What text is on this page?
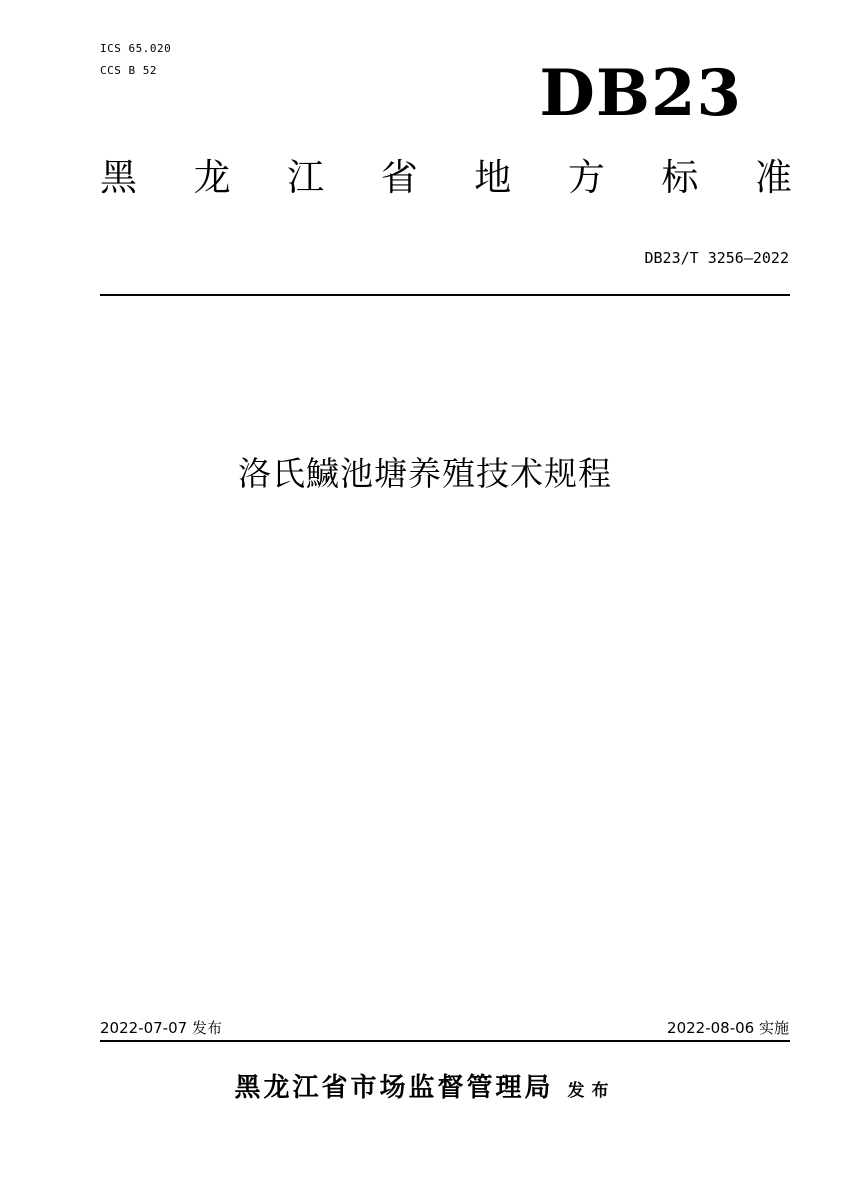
ICS 65.020
CCS B 52	DB23
黑 龙 江 省 地 方 标 准
DB23/T 3256—2022
洛氏鱥池塘养殖技术规程
2022-07-07 发布	2022-08-06 实施
黑龙江省市场监督管理局 发布
